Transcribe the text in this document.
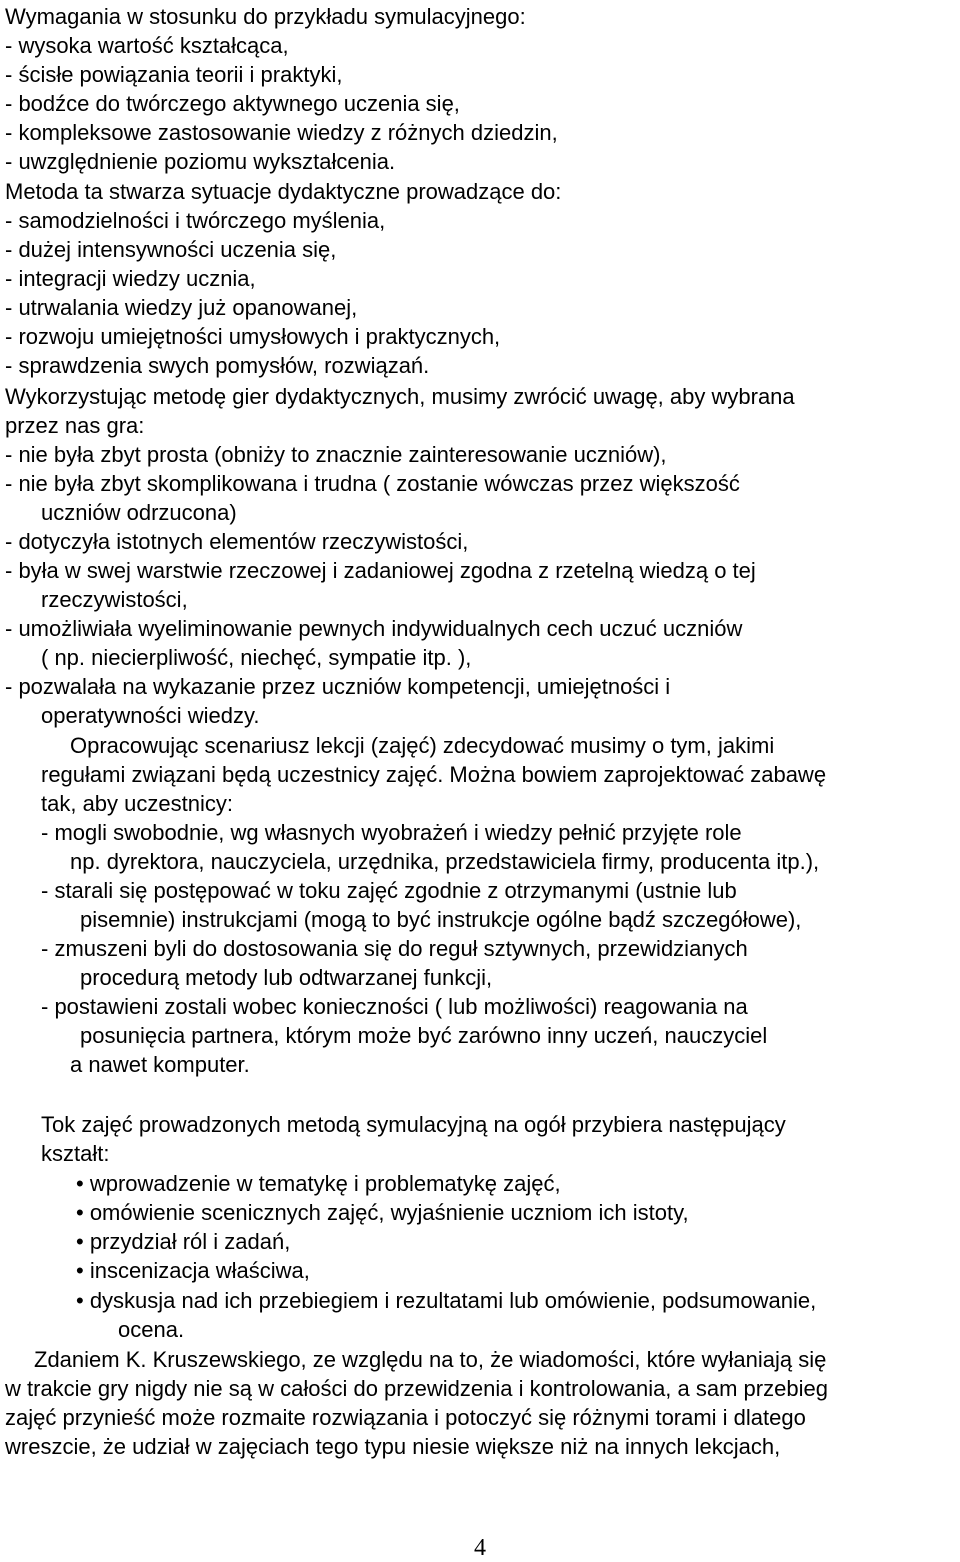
Wymagania w stosunku do przykładu symulacyjnego:
- wysoka wartość kształcąca,
- ścisłe powiązania teorii i praktyki,
- bodźce do twórczego aktywnego uczenia się,
- kompleksowe zastosowanie wiedzy z różnych dziedzin,
- uwzględnienie poziomu wykształcenia.
Metoda ta stwarza sytuacje dydaktyczne prowadzące do:
- samodzielności i twórczego myślenia,
- dużej intensywności uczenia się,
- integracji wiedzy ucznia,
- utrwalania wiedzy już opanowanej,
- rozwoju umiejętności umysłowych i praktycznych,
- sprawdzenia swych pomysłów, rozwiązań.
Wykorzystując metodę gier dydaktycznych, musimy zwrócić uwagę, aby wybrana
przez nas gra:
- nie była zbyt prosta (obniży to znacznie zainteresowanie uczniów),
- nie była zbyt skomplikowana i trudna ( zostanie wówczas przez większość
uczniów odrzucona)
- dotyczyła istotnych elementów rzeczywistości,
- była w swej warstwie rzeczowej i zadaniowej zgodna z rzetelną wiedzą o tej
rzeczywistości,
- umożliwiała wyeliminowanie pewnych indywidualnych cech uczuć uczniów
( np. niecierpliwość, niechęć, sympatie itp. ),
- pozwalała na wykazanie przez uczniów kompetencji, umiejętności i
operatywności wiedzy.
Opracowując scenariusz lekcji (zajęć) zdecydować musimy o tym, jakimi
regułami związani będą uczestnicy zajęć. Można bowiem zaprojektować zabawę
tak, aby uczestnicy:
- mogli swobodnie, wg własnych wyobrażeń i wiedzy pełnić przyjęte role
np. dyrektora, nauczyciela, urzędnika, przedstawiciela firmy, producenta itp.),
- starali się postępować w toku zajęć zgodnie z otrzymanymi (ustnie lub
pisemnie) instrukcjami (mogą to być instrukcje ogólne bądź szczegółowe),
- zmuszeni byli do dostosowania się do reguł sztywnych, przewidzianych
procedurą metody lub odtwarzanej funkcji,
- postawieni zostali wobec konieczności ( lub możliwości) reagowania na
posunięcia partnera, którym może być zarówno inny uczeń, nauczyciel
a nawet komputer.
Tok zajęć prowadzonych metodą symulacyjną na ogół przybiera następujący
kształt:
• wprowadzenie w tematykę i problematykę zajęć,
• omówienie scenicznych zajęć, wyjaśnienie uczniom ich istoty,
• przydział ról i zadań,
• inscenizacja właściwa,
• dyskusja nad ich przebiegiem i rezultatami lub omówienie, podsumowanie,
ocena.
Zdaniem K. Kruszewskiego, ze względu na to, że wiadomości, które wyłaniają się
w trakcie gry nigdy nie są w całości do przewidzenia i kontrolowania, a sam przebieg
zajęć przynieść może rozmaite rozwiązania i potoczyć się różnymi torami i dlatego
wreszcie, że udział w zajęciach tego typu niesie większe niż na innych lekcjach,
4
